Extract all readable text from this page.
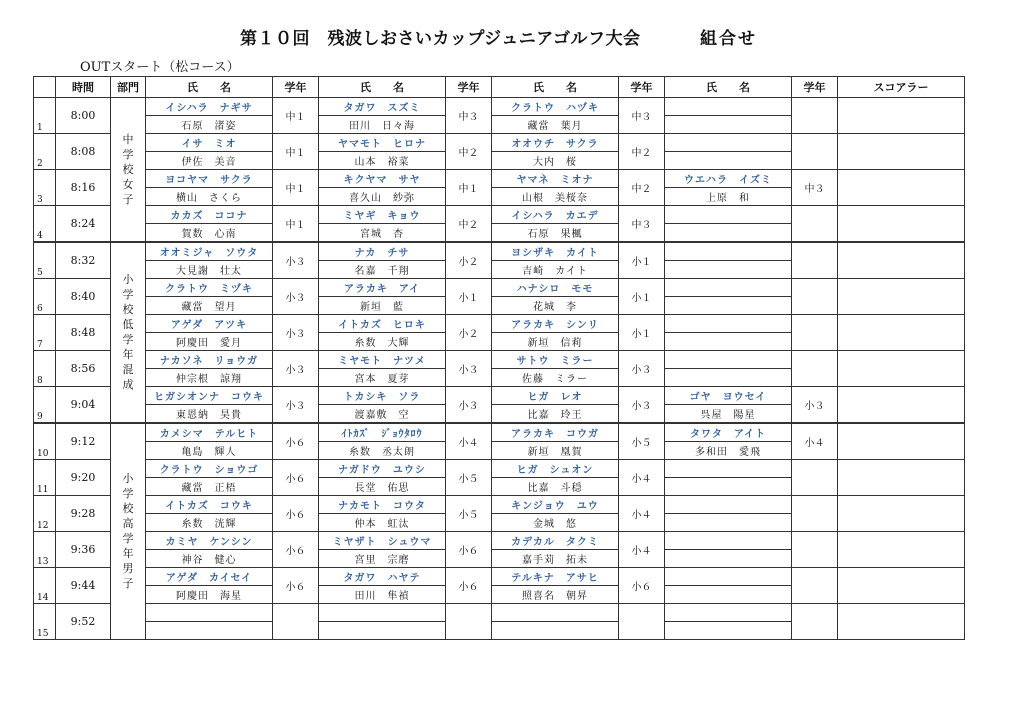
第１０回　残波しおさいカップジュニアゴルフ大会	組合せ
OUTスタート（松コース）
	時間	部門	氏　　名	学年	氏　　名	学年	氏　　名	学年	氏　　名	学年	スコアラー
1	8:00	中学校　女子	イシハラ　ナギサ	中１	タガワ　スズミ	中３	クラトウ　ハヅキ	中３			
			石原　渚姿		田川　日々海		藏當　葉月				
2	8:08		イサ　ミオ	中１	ヤマモト　ヒロナ	中２	オオウチ　サクラ	中２			
			伊佐　美音		山本　裕菜		大内　桜				
3	8:16		ヨコヤマ　サクラ	中１	キクヤマ　サヤ	中１	ヤマネ　ミオナ	中２	ウエハラ　イズミ	中３	
			横山　さくら		喜久山　紗弥		山根　美桜奈		上原　和		
4	8:24		カカズ　ココナ	中１	ミヤギ　キョウ	中２	イシハラ　カエデ	中３			
			賀数　心南		宮城　杏		石原　果楓				
5	8:32	小学校低学年混成	オオミジャ　ソウタ	小３	ナカ　チサ	小２	ヨシザキ　カイト	小１			
			大見謝　壮太		名嘉　千翔		吉崎　カイト				
6	8:40		クラトウ　ミヅキ	小３	アラカキ　アイ	小１	ハナシロ　モモ	小１			
			藏當　望月		新垣　藍		花城　李				
7	8:48		アゲダ　アツキ	小３	イトカズ　ヒロキ	小２	アラカキ　シンリ	小１			
			阿慶田　愛月		糸数　大輝		新垣　信莉				
8	8:56		ナカソネ　リョウガ	小３	ミヤモト　ナツメ	小３	サトウ　ミラー	小３			
			仲宗根　諒翔		宮本　夏芽		佐藤　ミラー				
9	9:04		ヒガシオンナ　コウキ	小３	トカシキ　ソラ	小３	ヒガ　レオ	小３	ゴヤ　ヨウセイ	小３	
			東恩納　昊貴		渡嘉敷　空		比嘉　玲王		呉屋　陽星		
10	9:12	小学校高学年男子	カメシマ　テルヒト	小６	ｲﾄｶｽﾞ　ｼﾞｮｳﾀﾛｳ	小４	アラカキ　コウガ	小５	タワタ　アイト	小４	
			亀島　輝人		糸数　丞太朗		新垣　凰賀		多和田　愛飛		
11	9:20		クラトウ　ショウゴ	小６	ナガドウ　ユウシ	小５	ヒガ　シュオン	小４			
			藏當　正梧		長堂　佑思		比嘉　斗穏				
12	9:28		イトカズ　コウキ	小６	ナカモト　コウタ	小５	キンジョウ　ユウ	小４			
			糸数　洸輝		仲本　虹汰		金城　悠				
13	9:36		カミヤ　ケンシン	小６	ミヤザト　シュウマ	小６	カデカル　タクミ	小４			
			神谷　健心		宮里　宗磨		嘉手苅　拓未				
14	9:44		アゲダ　カイセイ	小６	タガワ　ハヤテ	小６	テルキナ　アサヒ	小６			
			阿慶田　海星		田川　隼禎		照喜名　朝昇				
15	9:52										
